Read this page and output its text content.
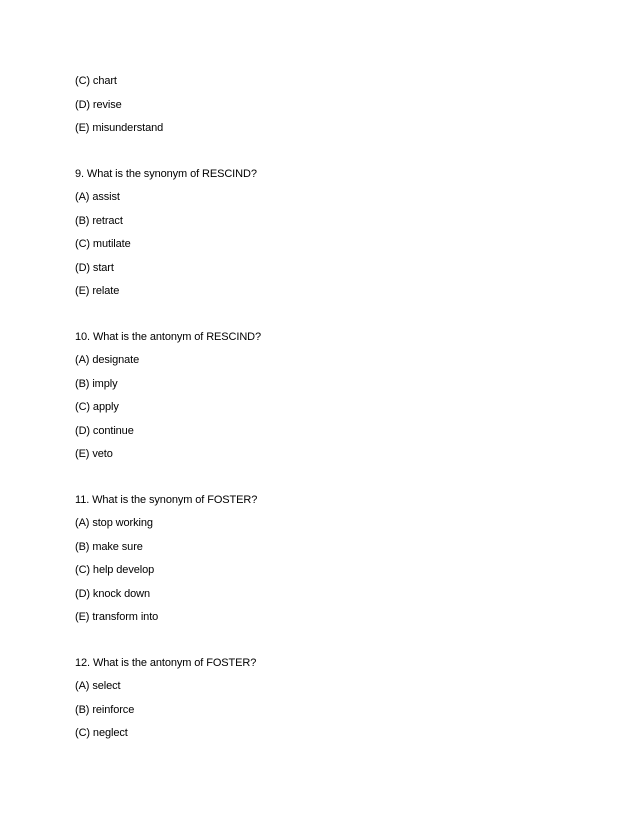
(C) chart
(D) revise
(E) misunderstand
9. What is the synonym of RESCIND?
(A) assist
(B) retract
(C) mutilate
(D) start
(E) relate
10. What is the antonym of RESCIND?
(A) designate
(B) imply
(C) apply
(D) continue
(E) veto
11. What is the synonym of FOSTER?
(A) stop working
(B) make sure
(C) help develop
(D) knock down
(E) transform into
12. What is the antonym of FOSTER?
(A) select
(B) reinforce
(C) neglect
